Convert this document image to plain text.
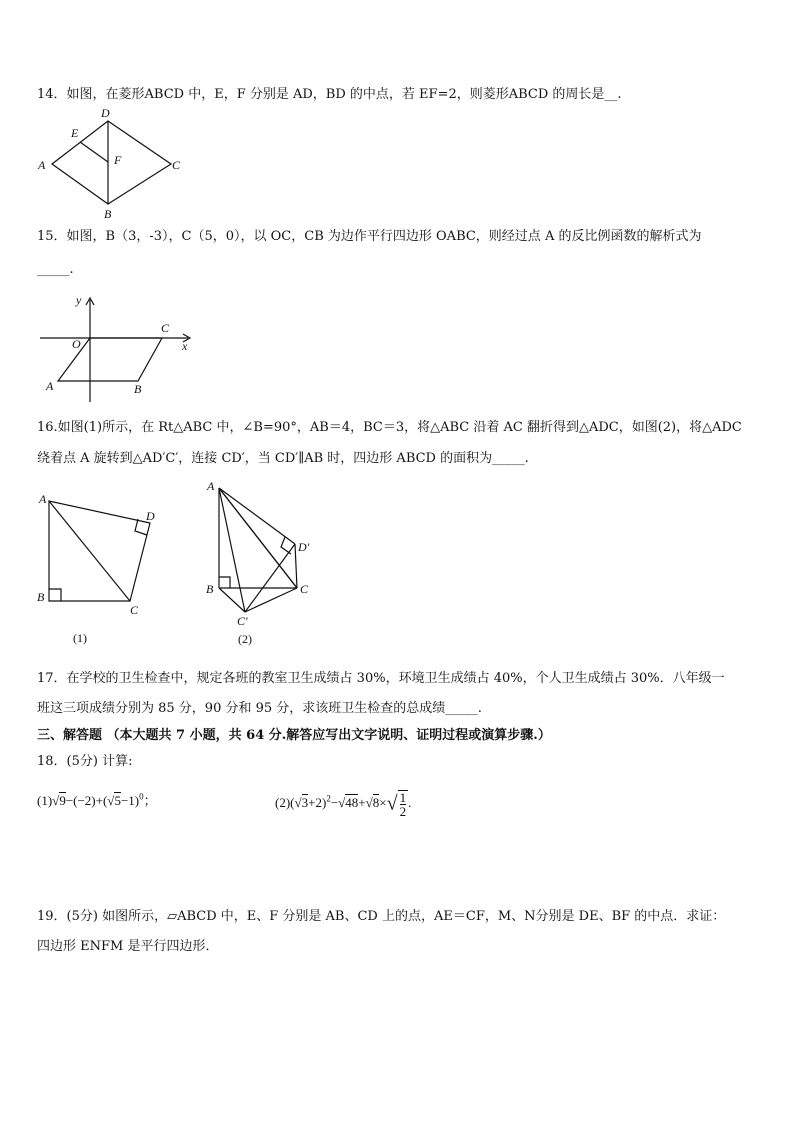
14．如图，在菱形ABCD 中，E，F 分别是 AD，BD 的中点，若 EF=2，则菱形ABCD 的周长是__.
A
D
E
F	C
B
15．如图，B（3，-3），C（5，0），以 OC，CB 为边作平行四边形 OABC，则经过点 A 的反比例函数的解析式为
_____.
y
x
O
C
A	B
16.如图(1)所示，在 Rt△ABC 中，∠B=90°，AB＝4，BC＝3，将△ABC 沿着 AC 翻折得到△ADC，如图(2)，将△ADC
绕着点 A 旋转到△AD′C′，连接 CD′，当 CD′∥AB 时，四边形 ABCD 的面积为_____.
A
D
B
C
(1)
A
D′
B	C
C′
(2)
17．在学校的卫生检查中，规定各班的教室卫生成绩占 30%，环境卫生成绩占 40%，个人卫生成绩占 30%．八年级一
班这三项成绩分别为 85 分，90 分和 95 分，求该班卫生检查的总成绩_____.
三、解答题 （本大题共 7 小题，共 64 分.解答应写出文字说明、证明过程或演算步骤.）
18．(5分) 计算:
$(1)√9-(-2)+(√5-1)^0$；	$(2)(√3+2)^2-√48+√8\times√ \frac{1}{2}$ .
19．(5分) 如图所示，▱ABCD 中，E、F 分别是 AB、CD 上的点，AE＝CF，M、N分别是 DE、BF 的中点．求证：
四边形 ENFM 是平行四边形．
